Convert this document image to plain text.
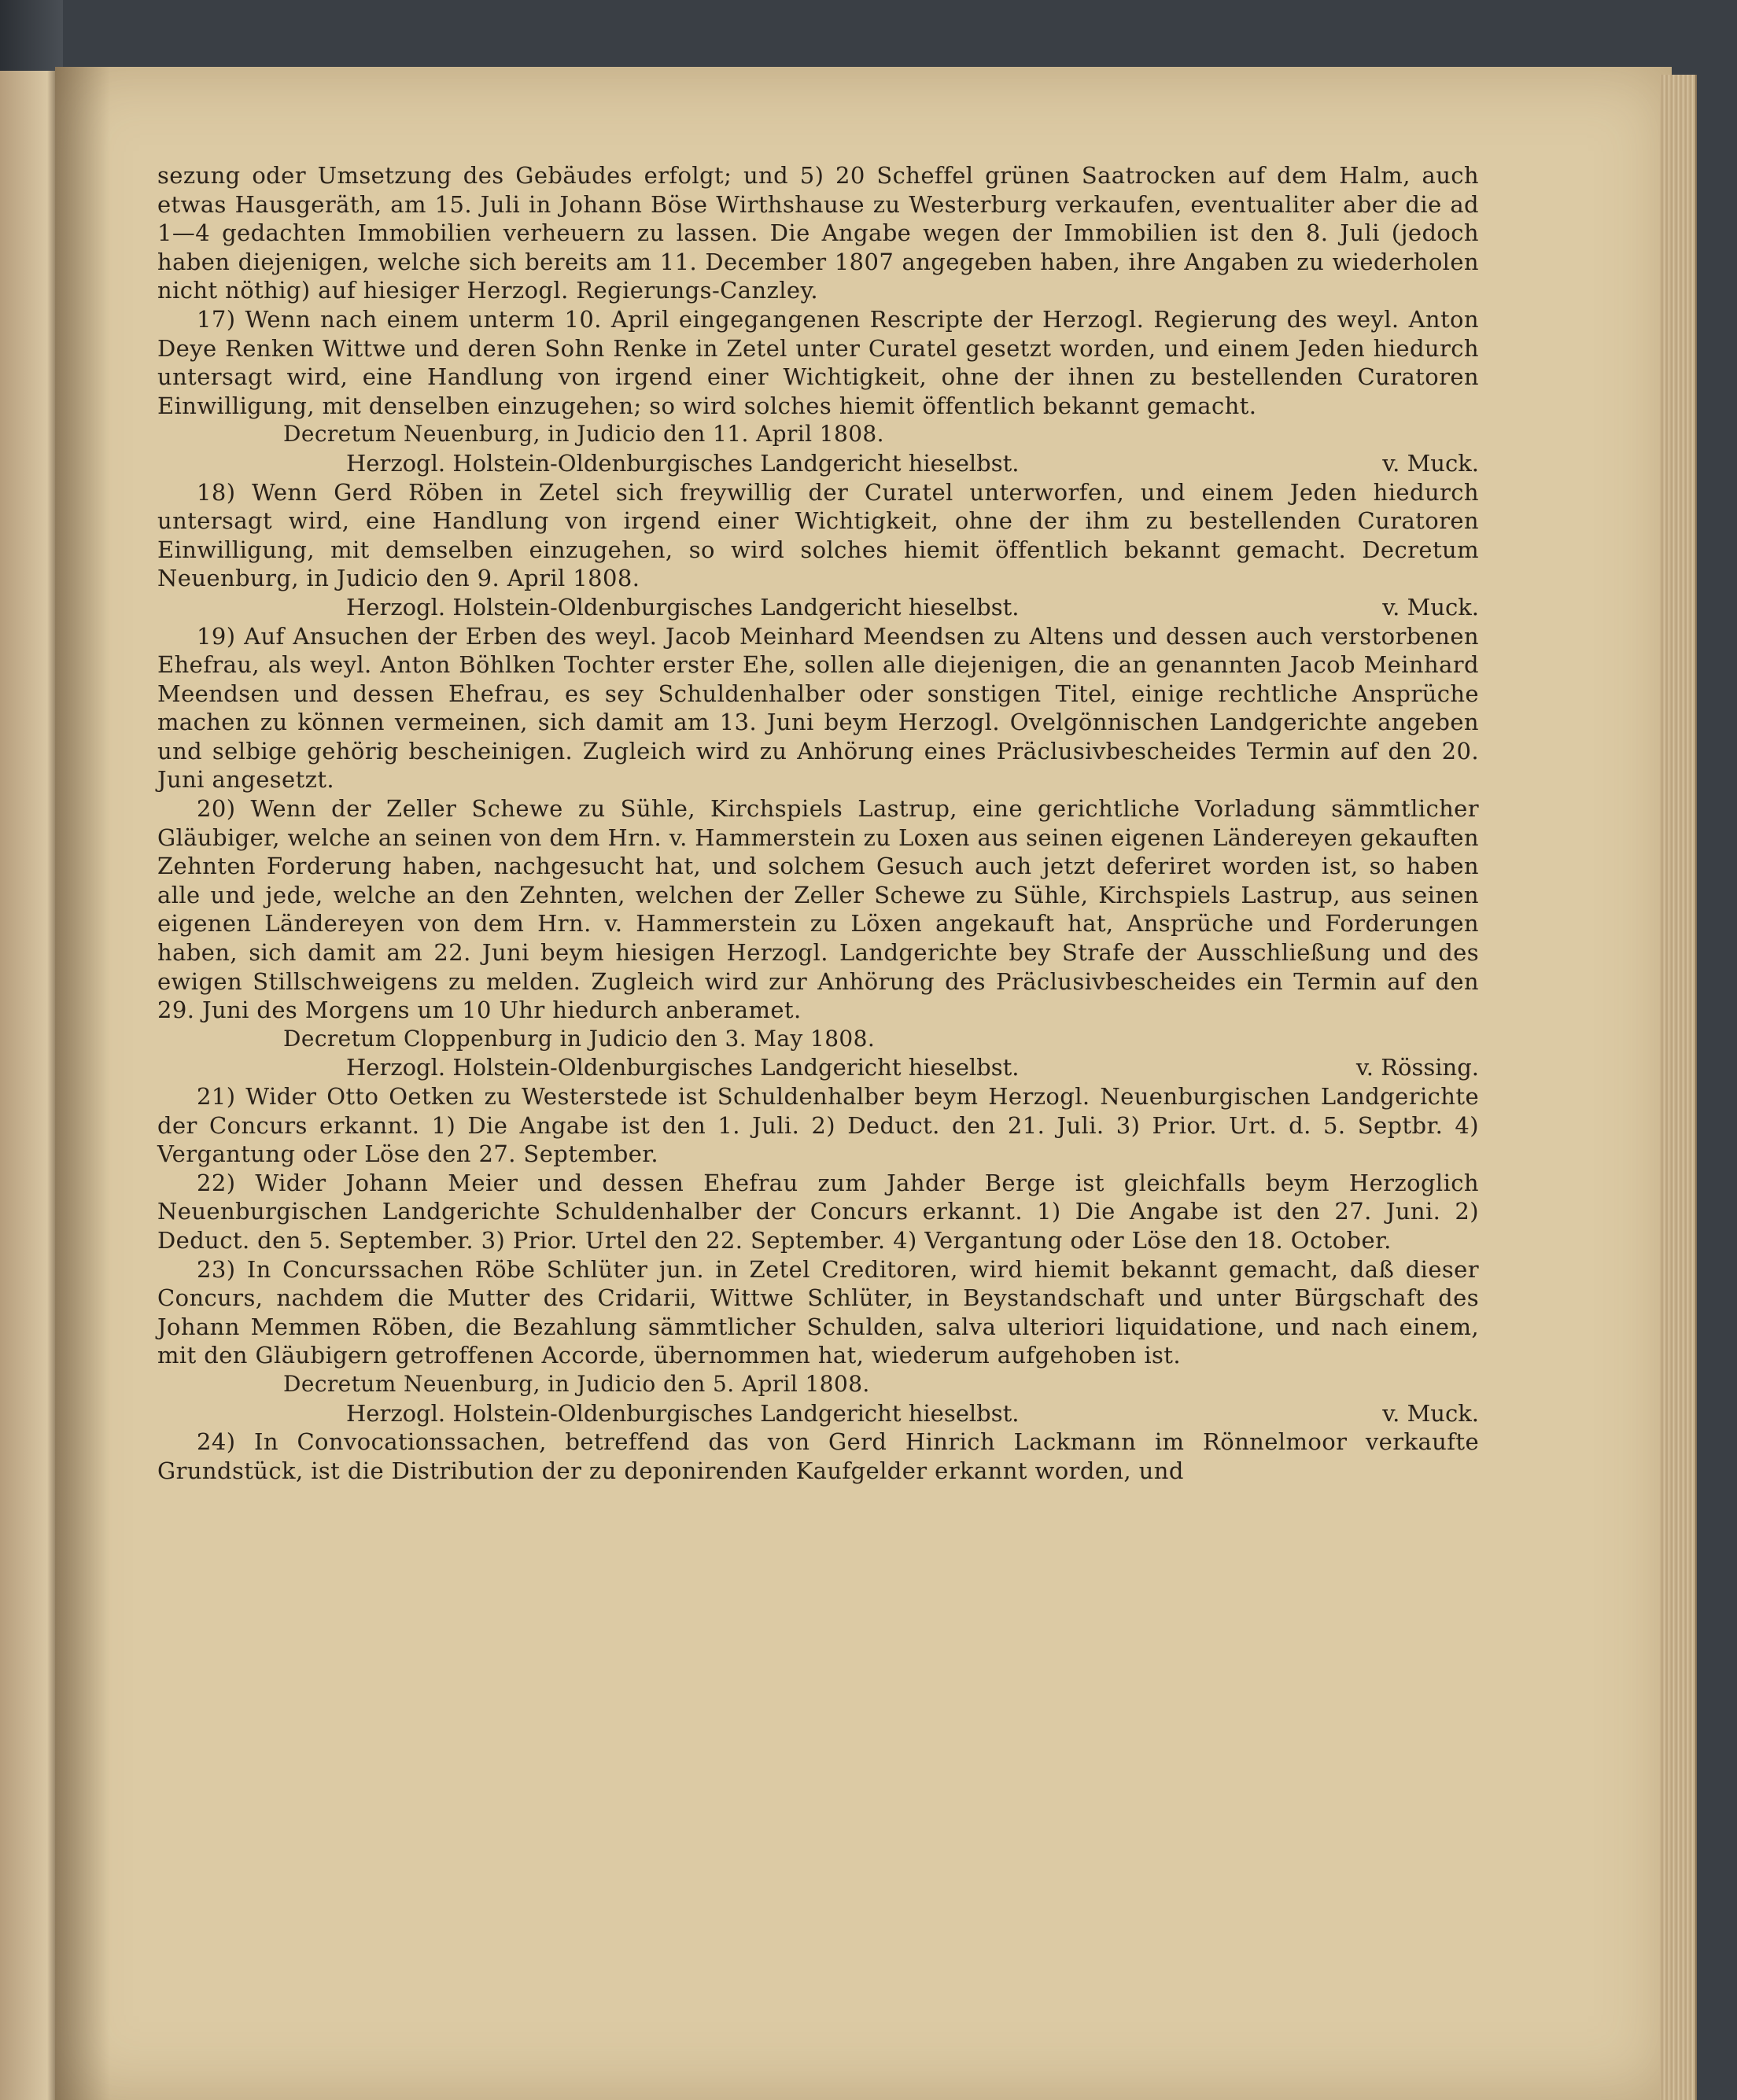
sezung oder Umsetzung des Gebäudes erfolgt; und 5) 20 Scheffel grünen Saatrocken auf dem Halm, auch etwas Hausgeräth, am 15. Juli in Johann Böse Wirthshause zu Westerburg verkaufen, eventualiter aber die ad 1—4 gedachten Immobilien verheuern zu lassen. Die Angabe wegen der Immobilien ist den 8. Juli (jedoch haben diejenigen, welche sich bereits am 11. December 1807 angegeben haben, ihre Angaben zu wiederholen nicht nöthig) auf hiesiger Herzogl. Regierungs-Canzley.

17) Wenn nach einem unterm 10. April eingegangenen Rescripte der Herzogl. Regierung des weyl. Anton Deye Renken Wittwe und deren Sohn Renke in Zetel unter Curatel gesetzt worden, und einem Jeden hiedurch untersagt wird, eine Handlung von irgend einer Wichtigkeit, ohne der ihnen zu bestellenden Curatoren Einwilligung, mit denselben einzugehen; so wird solches hiemit öffentlich bekannt gemacht.

Decretum Neuenburg, in Judicio den 11. April 1808.

Herzogl. Holstein-Oldenburgisches Landgericht hieselbst.	v. Muck.

18) Wenn Gerd Röben in Zetel sich freywillig der Curatel unterworfen, und einem Jeden hiedurch untersagt wird, eine Handlung von irgend einer Wichtigkeit, ohne der ihm zu bestellenden Curatoren Einwilligung, mit demselben einzugehen, so wird solches hiemit öffentlich bekannt gemacht. Decretum Neuenburg, in Judicio den 9. April 1808.

Herzogl. Holstein-Oldenburgisches Landgericht hieselbst.	v. Muck.

19) Auf Ansuchen der Erben des weyl. Jacob Meinhard Meendsen zu Altens und dessen auch verstorbenen Ehefrau, als weyl. Anton Böhlken Tochter erster Ehe, sollen alle diejenigen, die an genannten Jacob Meinhard Meendsen und dessen Ehefrau, es sey Schuldenhalber oder sonstigen Titel, einige rechtliche Ansprüche machen zu können vermeinen, sich damit am 13. Juni beym Herzogl. Ovelgönnischen Landgerichte angeben und selbige gehörig bescheinigen. Zugleich wird zu Anhörung eines Präclusivbescheides Termin auf den 20. Juni angesetzt.

20) Wenn der Zeller Schewe zu Sühle, Kirchspiels Lastrup, eine gerichtliche Vorladung sämmtlicher Gläubiger, welche an seinen von dem Hrn. v. Hammerstein zu Loxen aus seinen eigenen Ländereyen gekauften Zehnten Forderung haben, nachgesucht hat, und solchem Gesuch auch jetzt deferiret worden ist, so haben alle und jede, welche an den Zehnten, welchen der Zeller Schewe zu Sühle, Kirchspiels Lastrup, aus seinen eigenen Ländereyen von dem Hrn. v. Hammerstein zu Löxen angekauft hat, Ansprüche und Forderungen haben, sich damit am 22. Juni beym hiesigen Herzogl. Landgerichte bey Strafe der Ausschließung und des ewigen Stillschweigens zu melden. Zugleich wird zur Anhörung des Präclusivbescheides ein Termin auf den 29. Juni des Morgens um 10 Uhr hiedurch anberamet.

Decretum Cloppenburg in Judicio den 3. May 1808.

Herzogl. Holstein-Oldenburgisches Landgericht hieselbst.	v. Rössing.

21) Wider Otto Oetken zu Westerstede ist Schuldenhalber beym Herzogl. Neuenburgischen Landgerichte der Concurs erkannt. 1) Die Angabe ist den 1. Juli. 2) Deduct. den 21. Juli. 3) Prior. Urt. d. 5. Septbr. 4) Vergantung oder Löse den 27. September.

22) Wider Johann Meier und dessen Ehefrau zum Jahder Berge ist gleichfalls beym Herzoglich Neuenburgischen Landgerichte Schuldenhalber der Concurs erkannt. 1) Die Angabe ist den 27. Juni. 2) Deduct. den 5. September. 3) Prior. Urtel den 22. September. 4) Vergantung oder Löse den 18. October.

23) In Concurssachen Röbe Schlüter jun. in Zetel Creditoren, wird hiemit bekannt gemacht, daß dieser Concurs, nachdem die Mutter des Cridarii, Wittwe Schlüter, in Beystandschaft und unter Bürgschaft des Johann Memmen Röben, die Bezahlung sämmtlicher Schulden, salva ulteriori liquidatione, und nach einem, mit den Gläubigern getroffenen Accorde, übernommen hat, wiederum aufgehoben ist.

Decretum Neuenburg, in Judicio den 5. April 1808.

Herzogl. Holstein-Oldenburgisches Landgericht hieselbst.	v. Muck.

24) In Convocationssachen, betreffend das von Gerd Hinrich Lackmann im Rönnelmoor verkaufte Grundstück, ist die Distribution der zu deponirenden Kaufgelder erkannt worden, und
